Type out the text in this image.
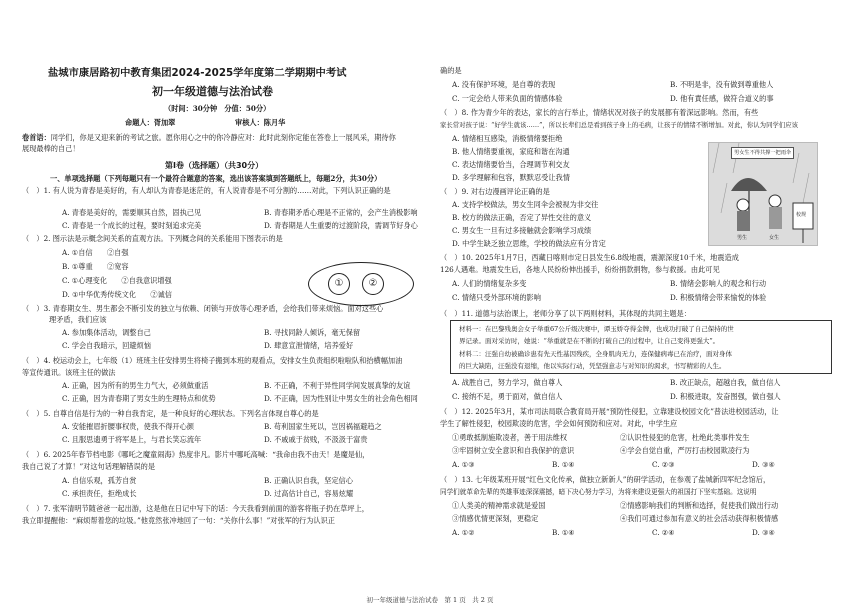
盐城市康居路初中教育集团2024-2025学年度第二学期期中考试
初一年级道德与法治试卷
（时间：30分钟　分值：50分）
命题人：胥加翠	审核人：陈月华
卷首语：同学们，你是又迎来新的考试之旅。愿你用心之中的你冷静应对：此时此刻你定能在答卷上一展风采，期待你
展现最棒的自己！
第Ⅰ卷（选择题）（共30分）
一、单项选择题（下列每题只有一个最符合题意的答案，选出该答案填到答题纸上，每题2分，共30分）
（　）1. 有人说为青春是美好的，有人却认为青春是迷茫的，有人说青春是不可分割的……对此，下列认识正确的是
A. 青春是美好的，需要顺其自然，固执己见	B. 青春期矛盾心理是不正常的，会产生消极影响
C. 青春是一个成长的过程，要时刻追求完美	D. 青春期是人生重要的过渡阶段，需调节好身心
（　）2. 图示法是示概念间关系的直观方法。下列概念间的关系能用下图表示的是
A. ①自信　　②自强
B. ①尊重　　②宽容
C. ①心理变化　　②自我意识增强
D. ①中华优秀传统文化　　②诚信
①	②
（　）3. 青春期女生、男生都会不断引发的独立与依赖、闭锁与开放等心理矛盾，会给我们带来烦恼。面对这些心
理矛盾，我们应该
A. 参加集体活动，调整自己	B. 寻找同龄人倾诉，毫无保留
C. 学会自我暗示，回避烦恼	D. 肆意宣泄情绪，培养爱好
（　）4. 校运动会上，七年级（1）班班主任安排男生将椅子搬到本班的观看点，安排女生负责组织啦啦队和抬横幅加油
等宣传通讯。该班主任的做法
A. 正确，因为所有的男生力气大，必须做重活	B. 不正确，不利于异性同学间发展真挚的友谊
C. 正确，因为青春期了男女生的生理特点和优势	D. 不正确，因为性别让中男女生的社会角色相同
（　）5. 自尊自信是行为的一种自我肯定，是一种良好的心理状态。下列名言体现自尊心的是
A. 安能摧眉折腰事权贵，使我不得开心颜	B. 苟利国家生死以，岂因祸福避趋之
C. 且服思遗勇于将军是上，与君长笑忘流年	D. 不戚戚于贫贱，不汲汲于富贵
（　）6. 2025年春节档电影《哪吒之魔童闹海》热度非凡。影片中哪吒高喊：“我命由我不由天！是魔是仙，
我自己说了才算！”对这句话理解错误的是
A. 自信乐观，孤芳自赏	B. 正确认识自我，坚定信心
C. 承担责任，拒绝成长	D. 过高估计自己，容易炫耀
（　）7. 张军清明节随爸爸一起出游，这是他在日记中写下的话：今天我看到前面的游客将瓶子扔在草坪上，
我立即提醒他：“麻烦帮着您的垃圾。”他竟然张冲地回了一句：“关你什么事！”对张军的行为认识正
确的是
A. 没有保护环境，是自尊的表现	B. 不明是非，没有做到尊重他人
C. 一定会给人带来负面的情感体验	D. 他有責任感，做符合道义的事
（　）8. 作为青少年的表达，家长的言行举止，情绪状况对孩子的发展都有着深远影响。然而，有些
家长常对孩子说：“好学生就该……”，所以长辈们总是看到孩子身上的毛病，让孩子的情绪不断增加。对此，你认为同学们应该
A. 情绪相互感染，消极情绪要拒绝
B. 他人情绪要重视，家庭和谐在沟通
C. 表达情绪要恰当，合理调节利交友
D. 多学理解和包容，默默忍受让我情
男女生不得共撑一把雨伞
男生	女生
校规
（　）9. 对右边漫画评论正确的是
A. 支持学校做法，男女生同伞会被视为非交往
B. 校方的做法正确，否定了异性交往的意义
C. 男女生一旦有过多接触就会影响学习成绩
D. 中学生缺乏独立思维，学校的做法应有分肯定
（　）10. 2025年1月7日，西藏日喀则市定日县发生6.8级地震，震源深度10千米，地震造成
126人遇难。地震发生后，各地人民纷纷伸出援手，纷纷捐款捐物，参与救援。由此可见
A. 人们的情绪复杂多变	B. 情绪会影响人的观念和行动
C. 情绪只受外部环境的影响	D. 积极情绪会带来愉悦的体验
（　）11. 道德与法治课上，老师分享了以下两则材料，其体现的共同主题是：
材料一：在巴黎残奥会女子举重67公斤级决赛中，谭玉娇夺得金牌，也成功打破了自己保持的世
界记录。面对采访时，她说：“举重就是在不断的打破自己的过程中，让自己变得更强大”。
材料二：汪强自幼被确诊患有先天性基因残疾，全身肌肉无力，连保健病毒已在治疗，面对身体
的巨大缺陷，汪强没有退缩，他以实际行动，凭坚强意志与对知识的渴求，书写精彩的人生。
A. 战胜自己，努力学习，做自尊人	B. 改正缺点，超越自我，做自信人
C. 接纳不足，勇于面对，做自信人	D. 积极进取，发奋图强，做自强人
（　）12. 2025年3月，某市司法局联合教育局开展“预防性侵犯，立靠建设校园文化”普法进校园活动，让
学生了解性侵犯，校园欺凌的危害，学会如何预防和应对。对此，中学生应
①勇敢抵制施欺凌者，善于用法维权	②认识性侵犯的危害，杜绝此类事件发生
③牢固树立安全意识和自我保护的意识	④学会自觉自重，严厉打击校园欺凌行为
A. ①③	B. ①④	C. ②③	D. ③④
（　）13. 七年级某班开展“红色文化传承，做独立新新人”的研学活动，在参观了盐城新四军纪念馆后，
同学们就革命先辈的英雄事迹深深震撼，暗下决心努力学习，为将来建设更强大的祖国打下坚实基础。这说明
①人类美的精神需求就是爱国	②情感影响我们的判断和选择，促使我们做出行动
③情感优情更深刻，更稳定	④我们可通过参加有意义的社会活动获得积极情感
A. ①②	B. ①④	C. ②④	D. ③④
初一年级道德与法治试卷　第 1 页　共 2 页
